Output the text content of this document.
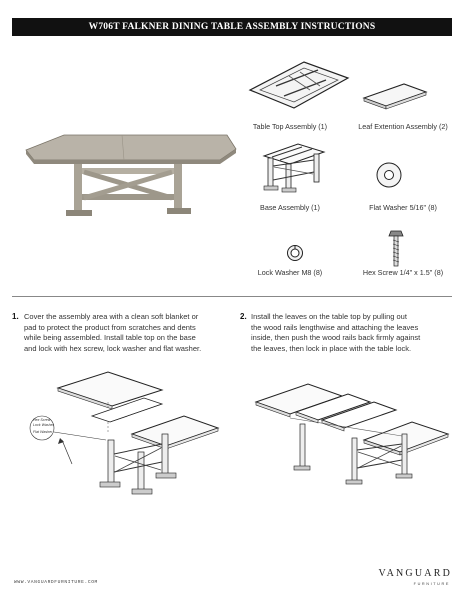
W706T FALKNER DINING TABLE ASSEMBLY INSTRUCTIONS
Table Top Assembly (1)	Leaf Extention Assembly (2)
Base Assembly (1)	Flat Washer 5/16" (8)
Lock Washer M8 (8)	Hex Screw 1/4" x 1.5" (8)
1. Cover the assembly area with a clean soft blanket or
pad to protect the product from scratches and dents
while being assembled. Install table top on the base
and lock with hex screw, lock washer and flat washer.
2. Install the leaves on the table top by pulling out
the wood rails lengthwise and attaching the leaves
inside, then push the wood rails back firmly against
the leaves, then lock in place with the table lock.
Hex Screw
Lock Washer
Flat Washer
WWW.VANGUARDFURNITURE.COM
VANGUARD
FURNITURE
